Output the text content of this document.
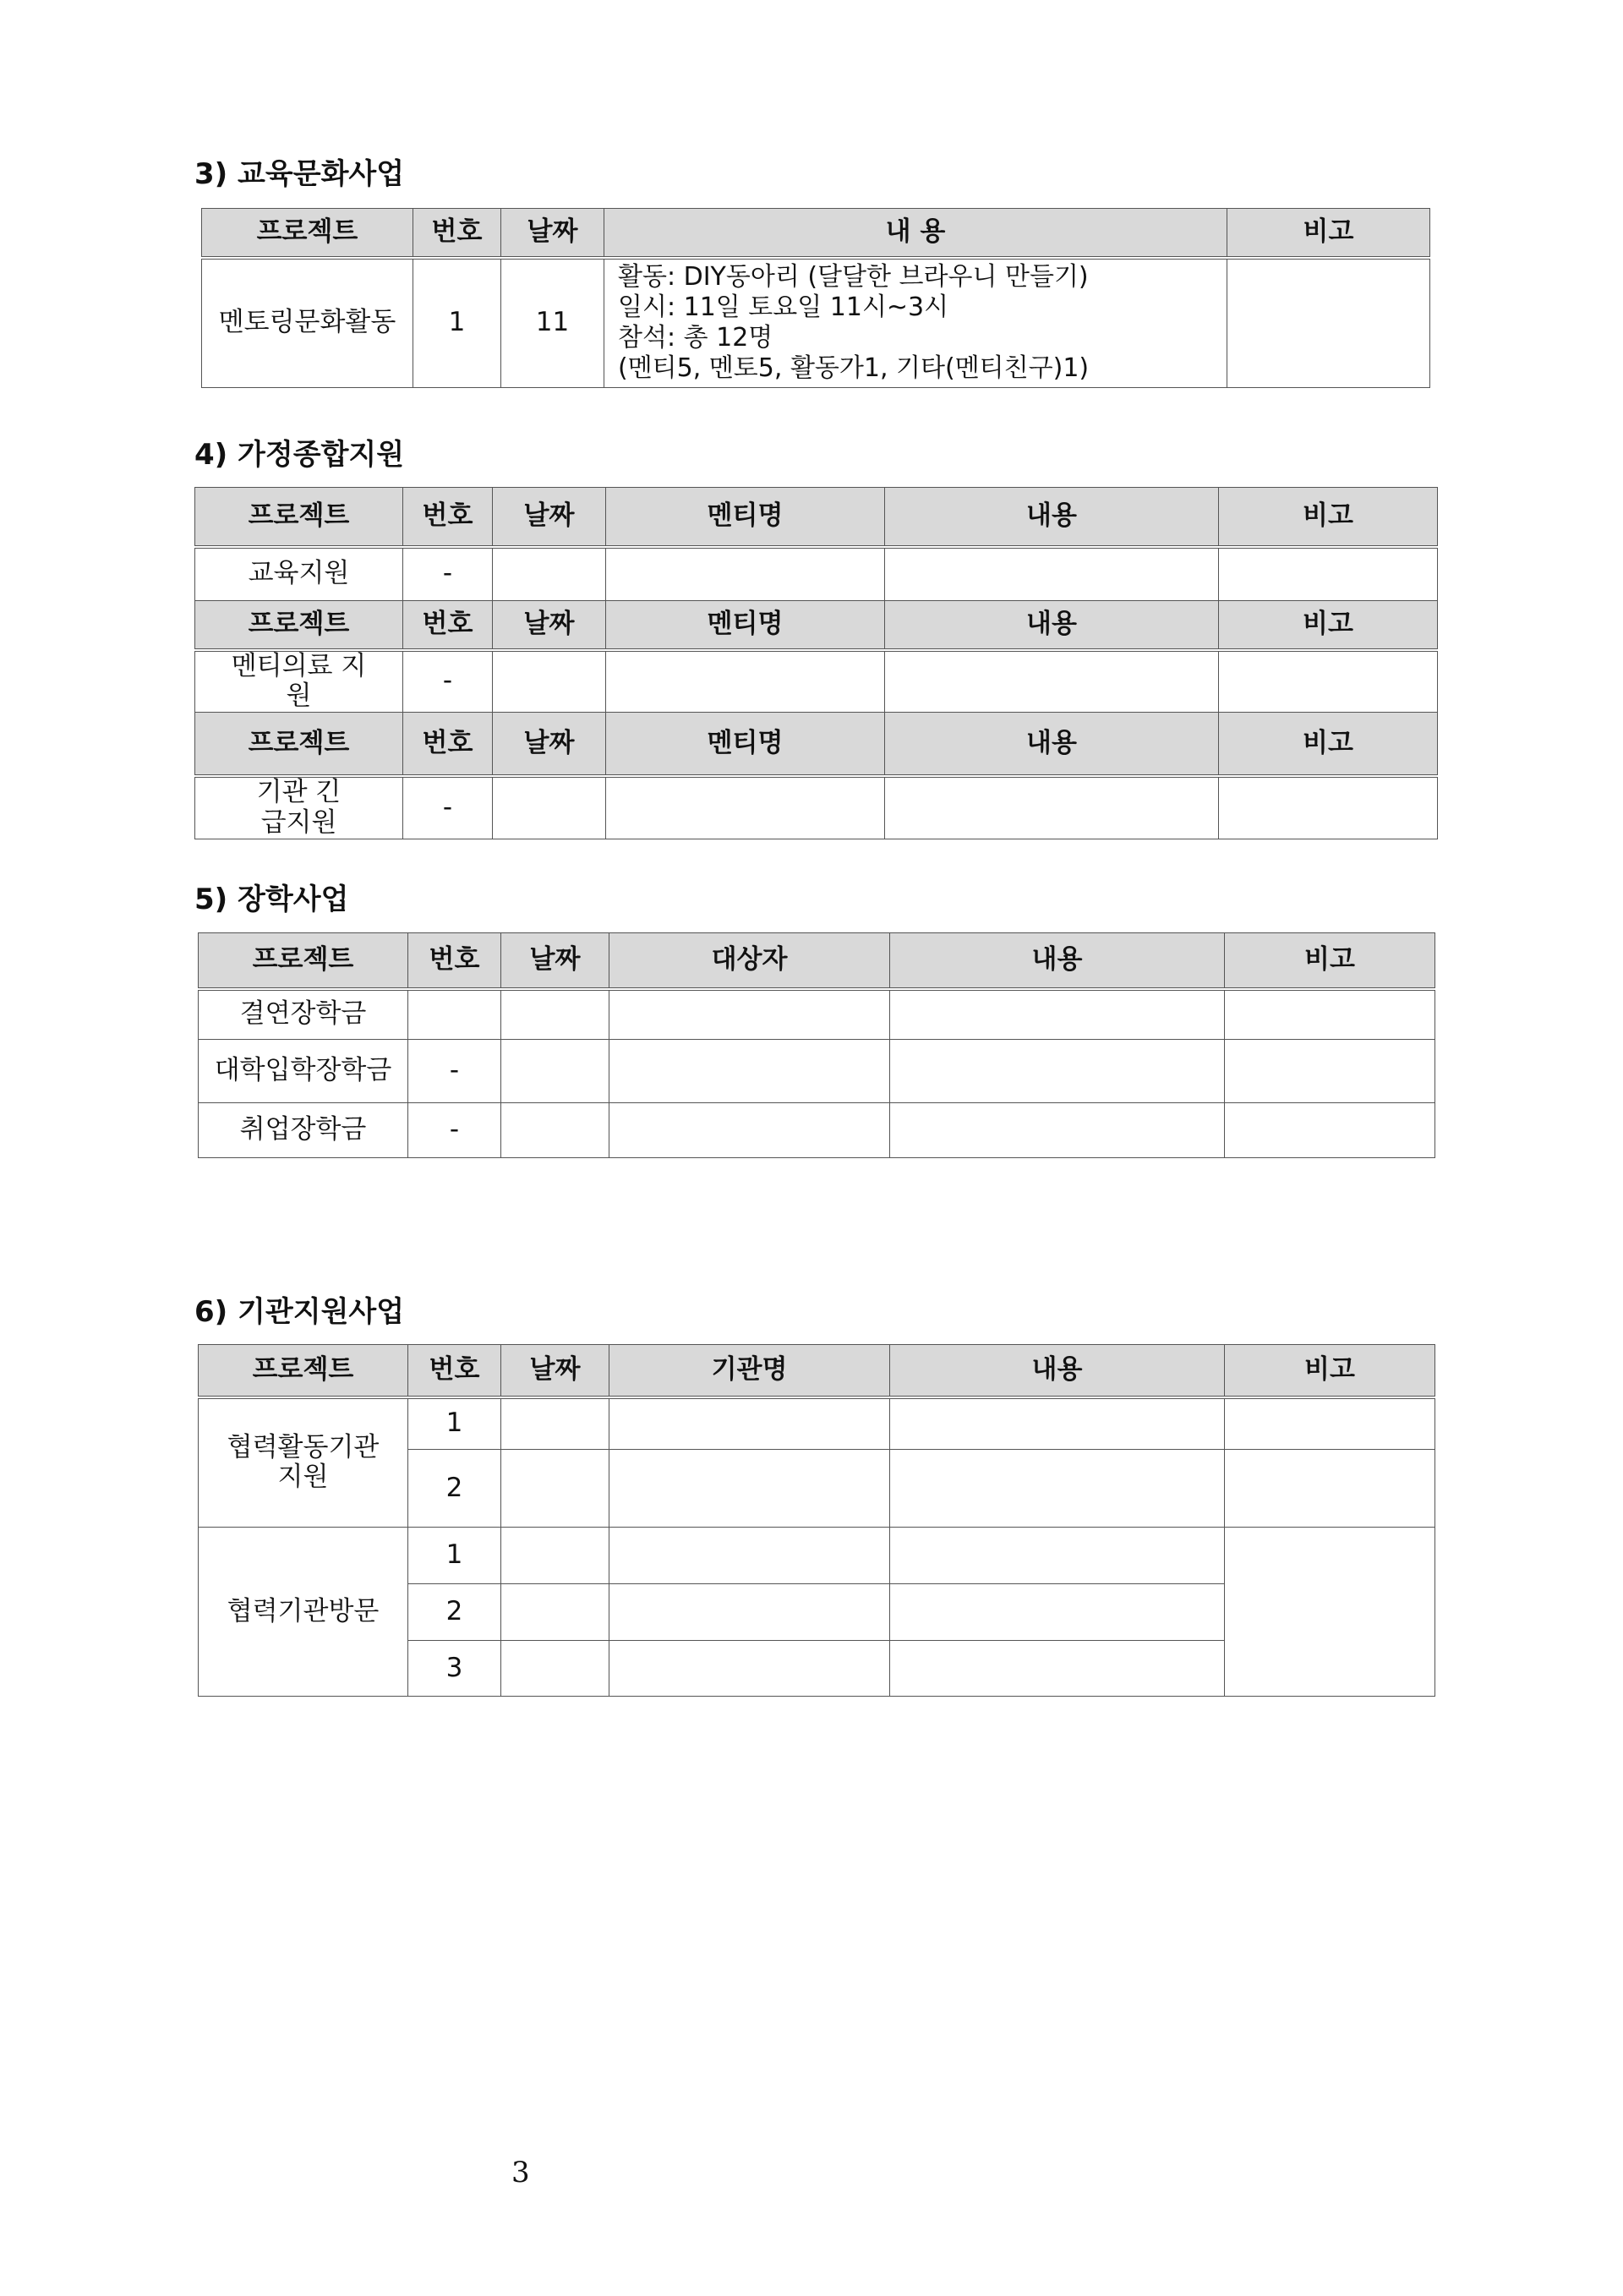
3) 교육문화사업
프로젝트	번호	날짜	내 용	비고
멘토링문화활동	1	11	활동: DIY동아리 (달달한 브라우니 만들기)
일시: 11일 토요일 11시~3시
참석: 총 12명
(멘티5, 멘토5, 활동가1, 기타(멘티친구)1)	

4) 가정종합지원
프로젝트	번호	날짜	멘티명	내용	비고
교육지원	-				
프로젝트	번호	날짜	멘티명	내용	비고
멘티의료 지원	-				
프로젝트	번호	날짜	멘티명	내용	비고
기관 긴급지원	-				
5) 장학사업
프로젝트	번호	날짜	대상자	내용	비고
결연장학금					
대학입학장학금	-				
취업장학금	-				
6) 기관지원사업
프로젝트	번호	날짜	기관명	내용	비고
협력활동기관 지원	1				
	2				
협력기관방문	1				
	2				
	3				
3
